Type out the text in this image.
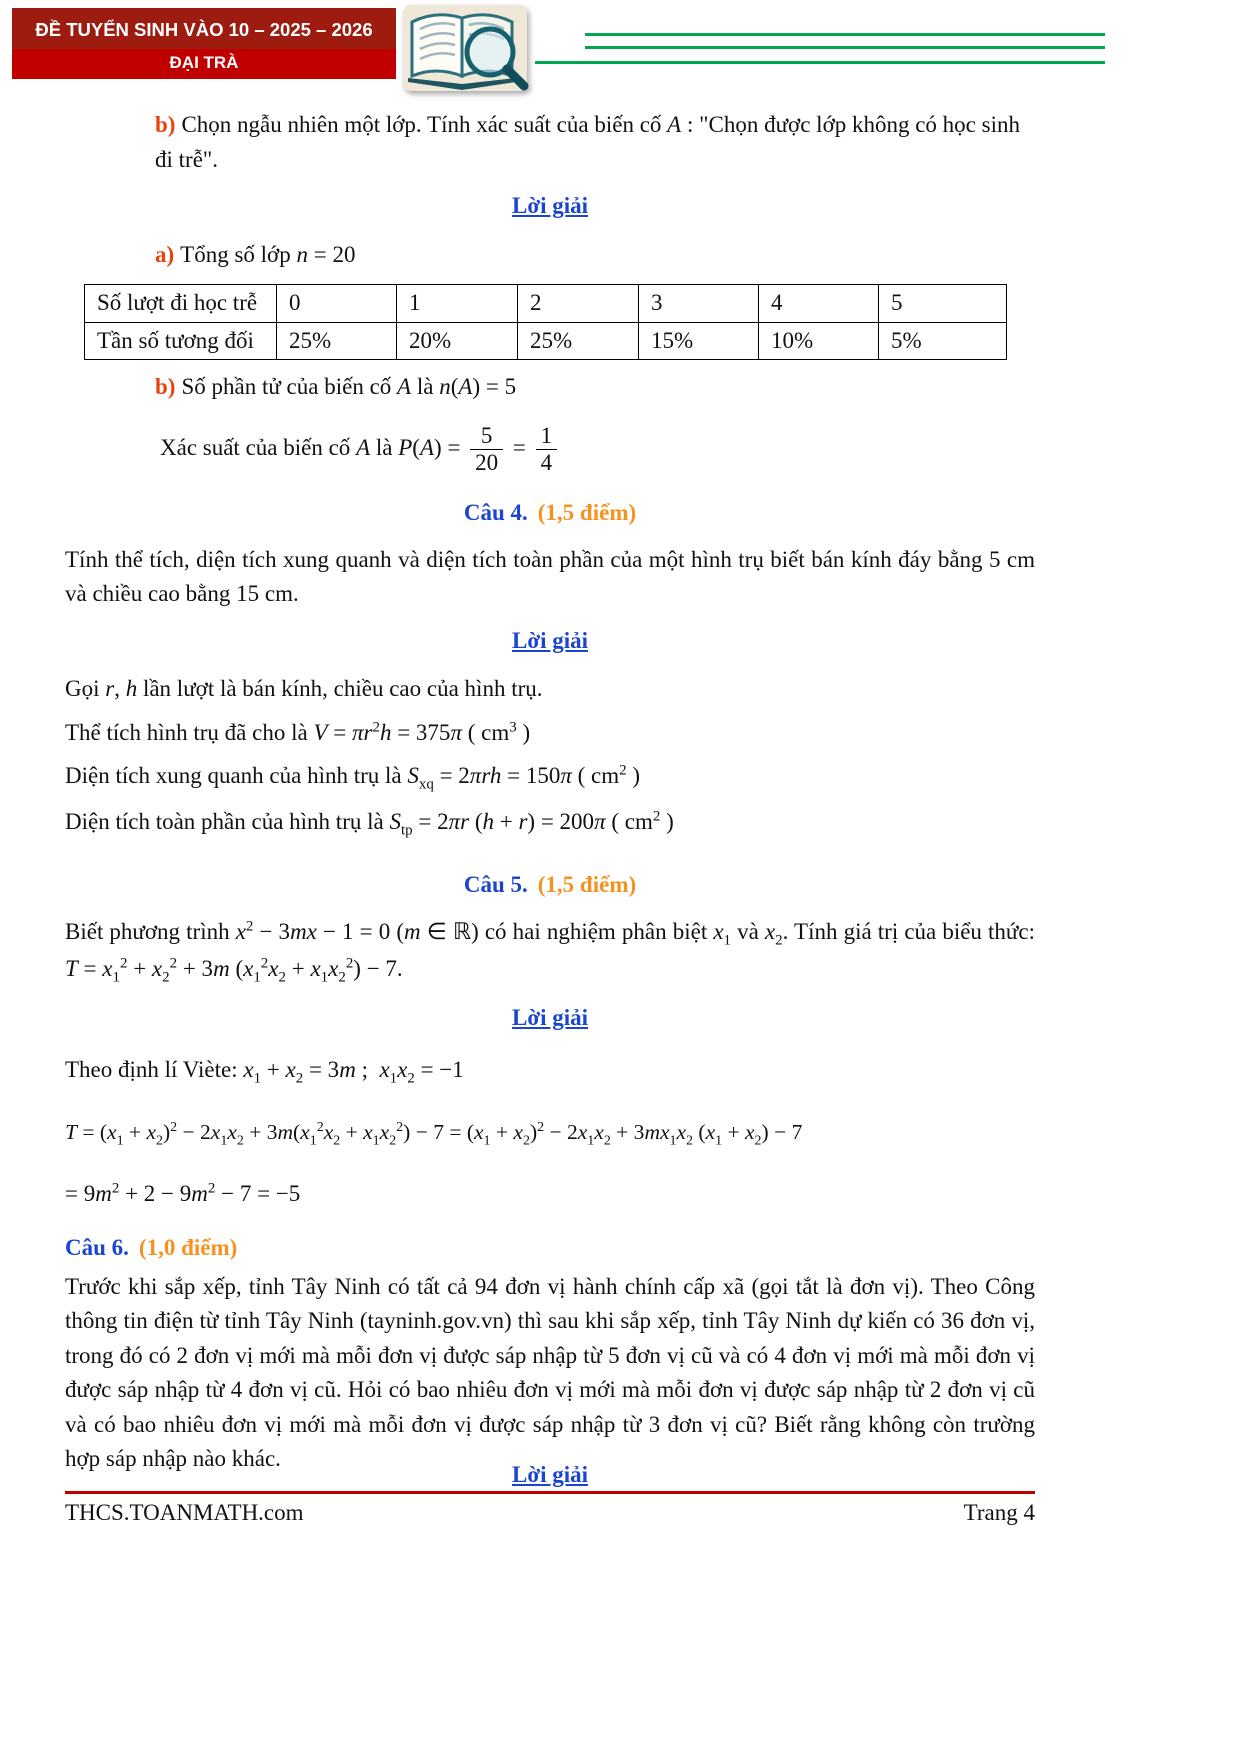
ĐỀ TUYỂN SINH VÀO 10 – 2025 – 2026
ĐẠI TRÀ

b) Chọn ngẫu nhiên một lớp. Tính xác suất của biến cố A : "Chọn được lớp không có học sinh đi trễ".

Lời giải

a) Tổng số lớp n = 20

Số lượt đi học trễ	0	1	2	3	4	5
Tần số tương đối	25%	20%	25%	15%	10%	5%

b) Số phần tử của biến cố A là n(A) = 5

Xác suất của biến cố A là $P(A) = \frac{5}{20} = \frac{1}{4}$

Câu 4. (1,5 điểm)

Tính thể tích, diện tích xung quanh và diện tích toàn phần của một hình trụ biết bán kính đáy bằng 5 cm và chiều cao bằng 15 cm.

Lời giải

Gọi r, h lần lượt là bán kính, chiều cao của hình trụ.

Thể tích hình trụ đã cho là $V = \pi r^2h = 375\pi$ ( $cm^3$ )

Diện tích xung quanh của hình trụ là $S_{xq} = 2\pi rh = 150\pi$ ( $cm^2$ )

Diện tích toàn phần của hình trụ là $S_{tp} = 2\pi r$ (h + r) = 200π ( $cm^2$ )

Câu 5. (1,5 điểm)

Biết phương trình $x^2 - 3mx - 1 = 0$ (m ∈ ℝ) có hai nghiệm phân biệt $x_1$ và $x_2$. Tính giá trị của biểu thức: $T = x_1^2 + x_2^2 + 3m$ $(x_1^2x_2 + x_1x_2^2) - 7$.

Lời giải

Theo định lí Viète: $x_1 + x_2 = 3m$ ;  $x_1x_2 = -1$

$T = (x_1 + x_2)^2 - 2x_1x_2 + 3m(x_1^2x_2 + x_1x_2^2) - 7 = (x_1 + x_2)^2 - 2x_1x_2 + 3mx_1x_2$ $(x_1 + x_2) - 7$

= $9m^2 + 2 - 9m^2 - 7 = -5$

Câu 6. (1,0 điểm)

Trước khi sắp xếp, tỉnh Tây Ninh có tất cả 94 đơn vị hành chính cấp xã (gọi tắt là đơn vị). Theo Công thông tin điện từ tỉnh Tây Ninh (tayninh.gov.vn) thì sau khi sắp xếp, tỉnh Tây Ninh dự kiến có 36 đơn vị, trong đó có 2 đơn vị mới mà mỗi đơn vị được sáp nhập từ 5 đơn vị cũ và có 4 đơn vị mới mà mỗi đơn vị được sáp nhập từ 4 đơn vị cũ. Hỏi có bao nhiêu đơn vị mới mà mỗi đơn vị được sáp nhập từ 2 đơn vị cũ và có bao nhiêu đơn vị mới mà mỗi đơn vị được sáp nhập từ 3 đơn vị cũ? Biết rằng không còn trường hợp sáp nhập nào khác.

Lời giải

THCS.TOANMATH.com	Trang 4
